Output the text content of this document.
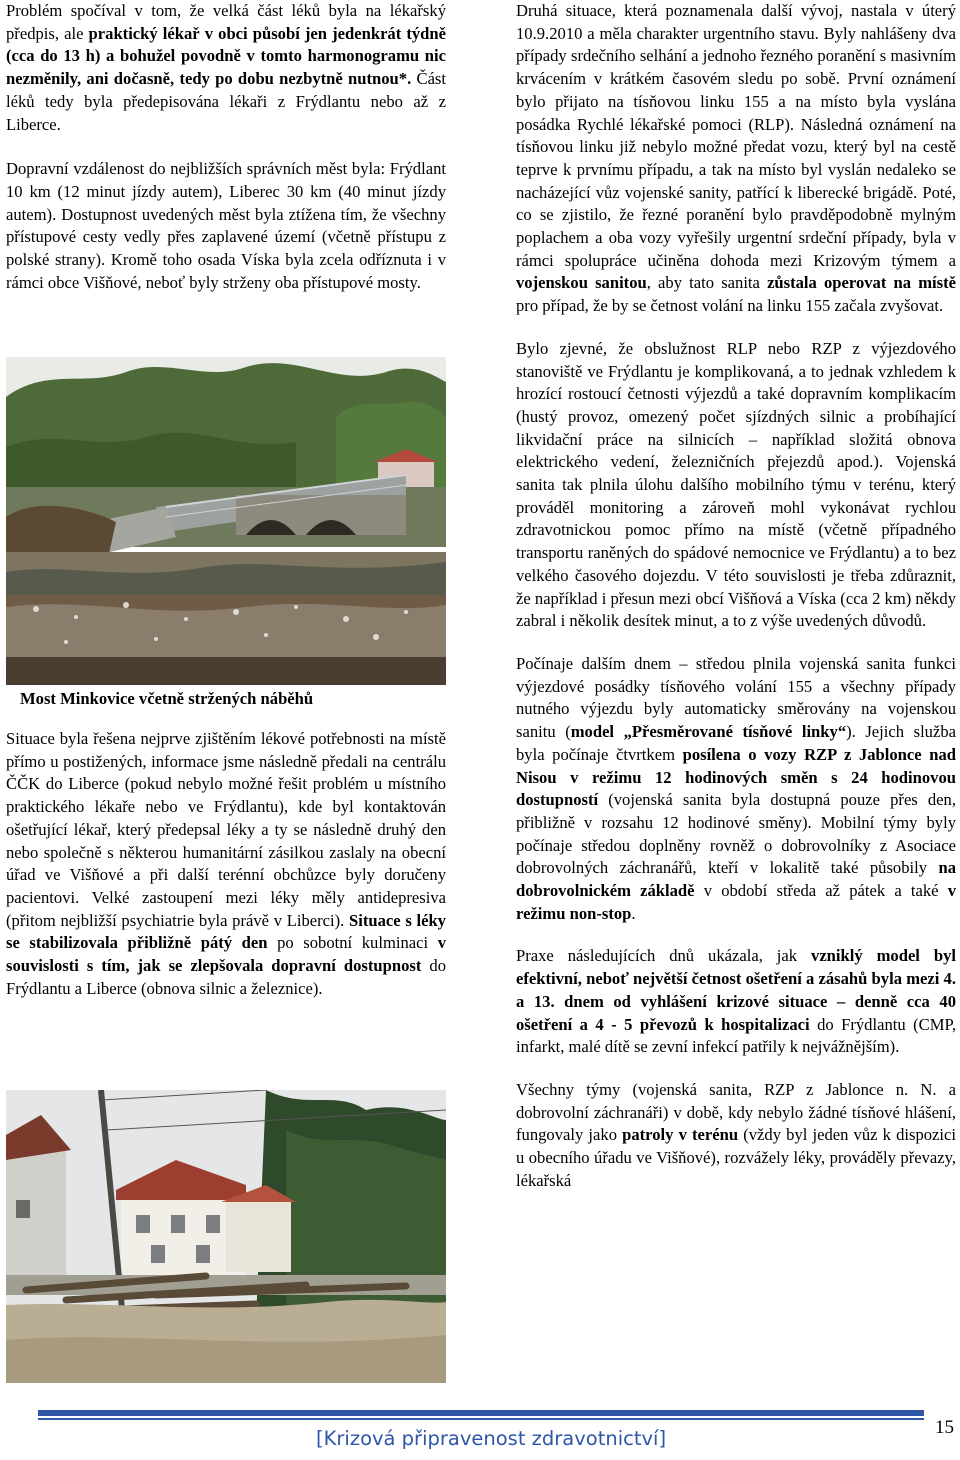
Problém spočíval v tom, že velká část léků byla na lékařský předpis, ale praktický lékař v obci působí jen jedenkrát týdně (cca do 13 h) a bohužel povodně v tomto harmonogramu nic nezměnily, ani dočasně, tedy po dobu nezbytně nutnou*. Část léků tedy byla předepisována lékaři z Frýdlantu nebo až z Liberce.

Dopravní vzdálenost do nejbližších správních měst byla: Frýdlant 10 km (12 minut jízdy autem), Liberec 30 km (40 minut jízdy autem). Dostupnost uvedených měst byla ztížena tím, že všechny přístupové cesty vedly přes zaplavené území (včetně přístupu z polské strany). Kromě toho osada Víska byla zcela odříznuta i v rámci obce Višňové, neboť byly strženy oba přístupové mosty.

Most Minkovice včetně stržených náběhů

Situace byla řešena nejprve zjištěním lékové potřebnosti na místě přímo u postižených, informace jsme následně předali na centrálu ČČK do Liberce (pokud nebylo možné řešit problém u místního praktického lékaře nebo ve Frýdlantu), kde byl kontaktován ošetřující lékař, který předepsal léky a ty se následně druhý den nebo společně s některou humanitární zásilkou zaslaly na obecní úřad ve Višňové a při další terénní obchůzce byly doručeny pacientovi. Velké zastoupení mezi léky měly antidepresiva (přitom nejbližší psychiatrie byla právě v Liberci). Situace s léky se stabilizovala přibližně pátý den po sobotní kulminaci v souvislosti s tím, jak se zlepšovala dopravní dostupnost do Frýdlantu a Liberce (obnova silnic a železnice).

Druhá situace, která poznamenala další vývoj, nastala v úterý 10.9.2010 a měla charakter urgentního stavu. Byly nahlášeny dva případy srdečního selhání a jednoho řezného poranění s masivním krvácením v krátkém časovém sledu po sobě. První oznámení bylo přijato na tísňovou linku 155 a na místo byla vyslána posádka Rychlé lékařské pomoci (RLP). Následná oznámení na tísňovou linku již nebylo možné předat vozu, který byl na cestě teprve k prvnímu případu, a tak na místo byl vyslán nedaleko se nacházející vůz vojenské sanity, patřící k liberecké brigádě. Poté, co se zjistilo, že řezné poranění bylo pravděpodobně mylným poplachem a oba vozy vyřešily urgentní srdeční případy, byla v rámci spolupráce učiněna dohoda mezi Krizovým týmem a vojenskou sanitou, aby tato sanita zůstala operovat na místě pro případ, že by se četnost volání na linku 155 začala zvyšovat.

Bylo zjevné, že obslužnost RLP nebo RZP z výjezdového stanoviště ve Frýdlantu je komplikovaná, a to jednak vzhledem k hrozící rostoucí četnosti výjezdů a také dopravním komplikacím (hustý provoz, omezený počet sjízdných silnic a probíhající likvidační práce na silnicích – například složitá obnova elektrického vedení, železničních přejezdů apod.). Vojenská sanita tak plnila úlohu dalšího mobilního týmu v terénu, který prováděl monitoring a zároveň mohl vykonávat rychlou zdravotnickou pomoc přímo na místě (včetně případného transportu raněných do spádové nemocnice ve Frýdlantu) a to bez velkého časového dojezdu. V této souvislosti je třeba zdůraznit, že například i přesun mezi obcí Višňová a Víska (cca 2 km) někdy zabral i několik desítek minut, a to z výše uvedených důvodů.

Počínaje dalším dnem – středou plnila vojenská sanita funkci výjezdové posádky tísňového volání 155 a všechny případy nutného výjezdu byly automaticky směrovány na vojenskou sanitu (model „Přesměrované tísňové linky“). Jejich služba byla počínaje čtvrtkem posílena o vozy RZP z Jablonce nad Nisou v režimu 12 hodinových směn s 24 hodinovou dostupností (vojenská sanita byla dostupná pouze přes den, přibližně v rozsahu 12 hodinové směny). Mobilní týmy byly počínaje středou doplněny rovněž o dobrovolníky z Asociace dobrovolných záchranářů, kteří v lokalitě také působily na dobrovolnickém základě v období středa až pátek a také v režimu non-stop.

Praxe následujících dnů ukázala, jak vzniklý model byl efektivní, neboť největší četnost ošetření a zásahů byla mezi 4. a 13. dnem od vyhlášení krizové situace – denně cca 40 ošetření a 4 - 5 převozů k hospitalizaci do Frýdlantu (CMP, infarkt, malé dítě se zevní infekcí patřily k nejvážnějším).

Všechny týmy (vojenská sanita, RZP z Jablonce n. N. a dobrovolní záchranáři) v době, kdy nebylo žádné tísňové hlášení, fungovaly jako patroly v terénu (vždy byl jeden vůz k dispozici u obecního úřadu ve Višňové), rozvážely léky, prováděly převazy, lékařská

[Krizová připravenost zdravotnictví]	15
